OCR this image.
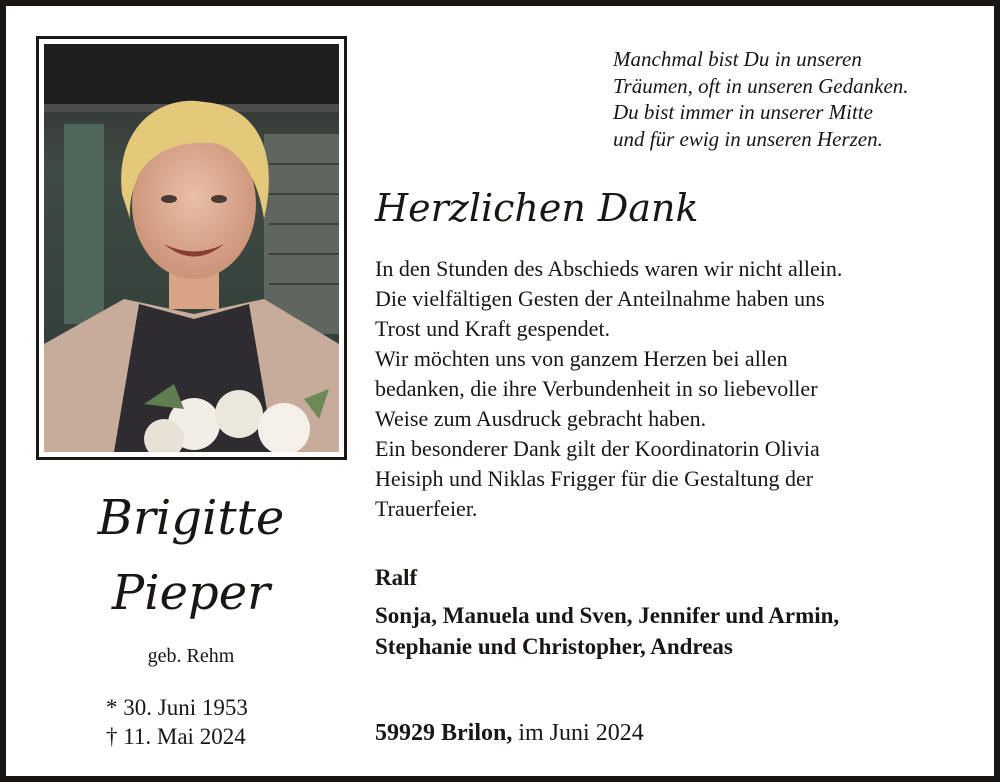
Brigitte
Pieper
geb. Rehm
* 30. Juni 1953
† 11. Mai 2024
Manchmal bist Du in unseren
Träumen, oft in unseren Gedanken.
Du bist immer in unserer Mitte
und für ewig in unseren Herzen.
Herzlichen Dank
In den Stunden des Abschieds waren wir nicht allein.
Die vielfältigen Gesten der Anteilnahme haben uns
Trost und Kraft gespendet.
Wir möchten uns von ganzem Herzen bei allen
bedanken, die ihre Verbundenheit in so liebevoller
Weise zum Ausdruck gebracht haben.
Ein besonderer Dank gilt der Koordinatorin Olivia
Heisiph und Niklas Frigger für die Gestaltung der
Trauerfeier.
Ralf
Sonja, Manuela und Sven, Jennifer und Armin,
Stephanie und Christopher, Andreas
59929 Brilon, im Juni 2024
